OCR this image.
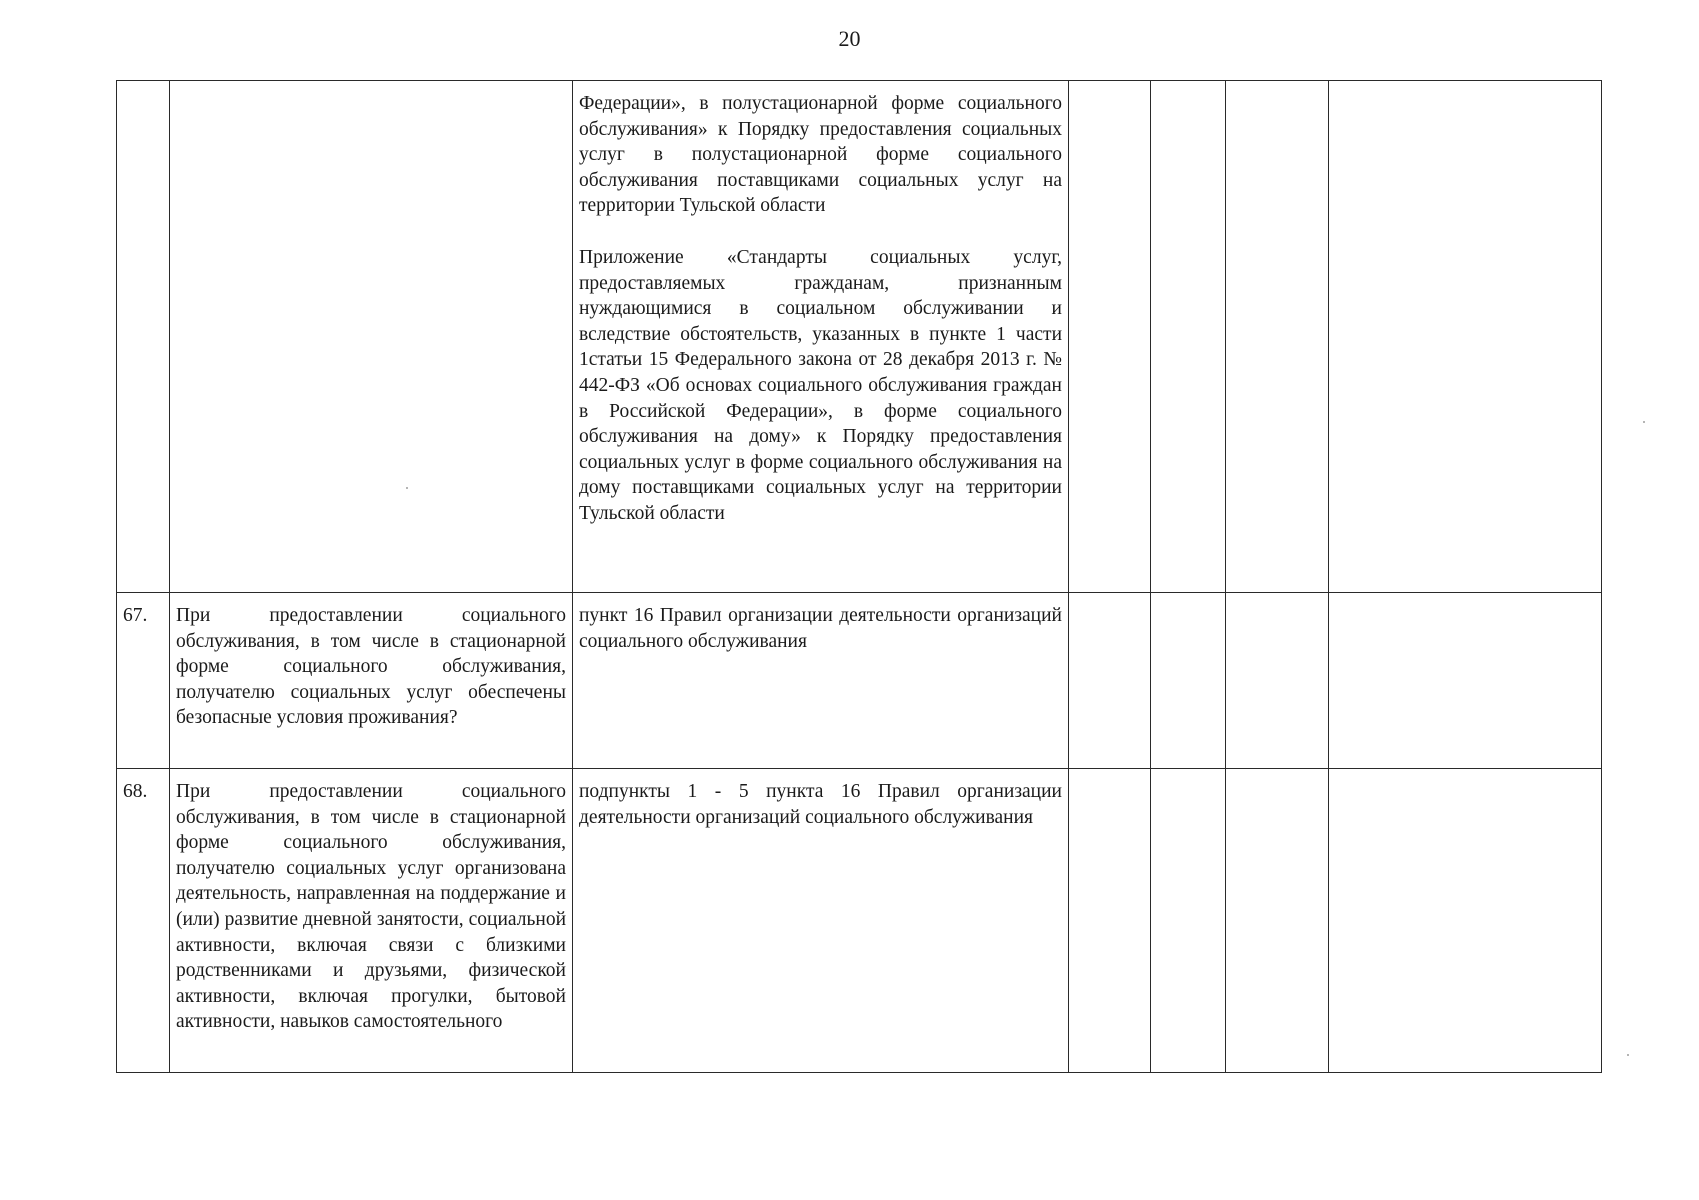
20

		Федерации», в полустационарной форме социального обслуживания» к Порядку предоставления социальных услуг в полустационарной форме социального обслуживания поставщиками социальных услуг на территории Тульской области
Приложение «Стандарты социальных услуг, предоставляемых гражданам, признанным нуждающимися в социальном обслуживании и вследствие обстоятельств, указанных в пункте 1 части 1статьи 15 Федерального закона от 28 декабря 2013 г. № 442-ФЗ «Об основах социального обслуживания граждан в Российской Федерации», в форме социального обслуживания на дому» к Порядку предоставления социальных услуг в форме социального обслуживания на дому поставщиками социальных услуг на территории Тульской области				

67.	При предоставлении социального обслуживания, в том числе в стационарной форме социального обслуживания, получателю социальных услуг обеспечены безопасные условия проживания?	пункт 16 Правил организации деятельности организаций социального обслуживания				

68.	При предоставлении социального обслуживания, в том числе в стационарной форме социального обслуживания, получателю социальных услуг организована деятельность, направленная на поддержание и (или) развитие дневной занятости, социальной активности, включая связи с близкими родственниками и друзьями, физической активности, включая прогулки, бытовой активности, навыков самостоятельного	подпункты 1 - 5 пункта 16 Правил организации деятельности организаций социального обслуживания				
